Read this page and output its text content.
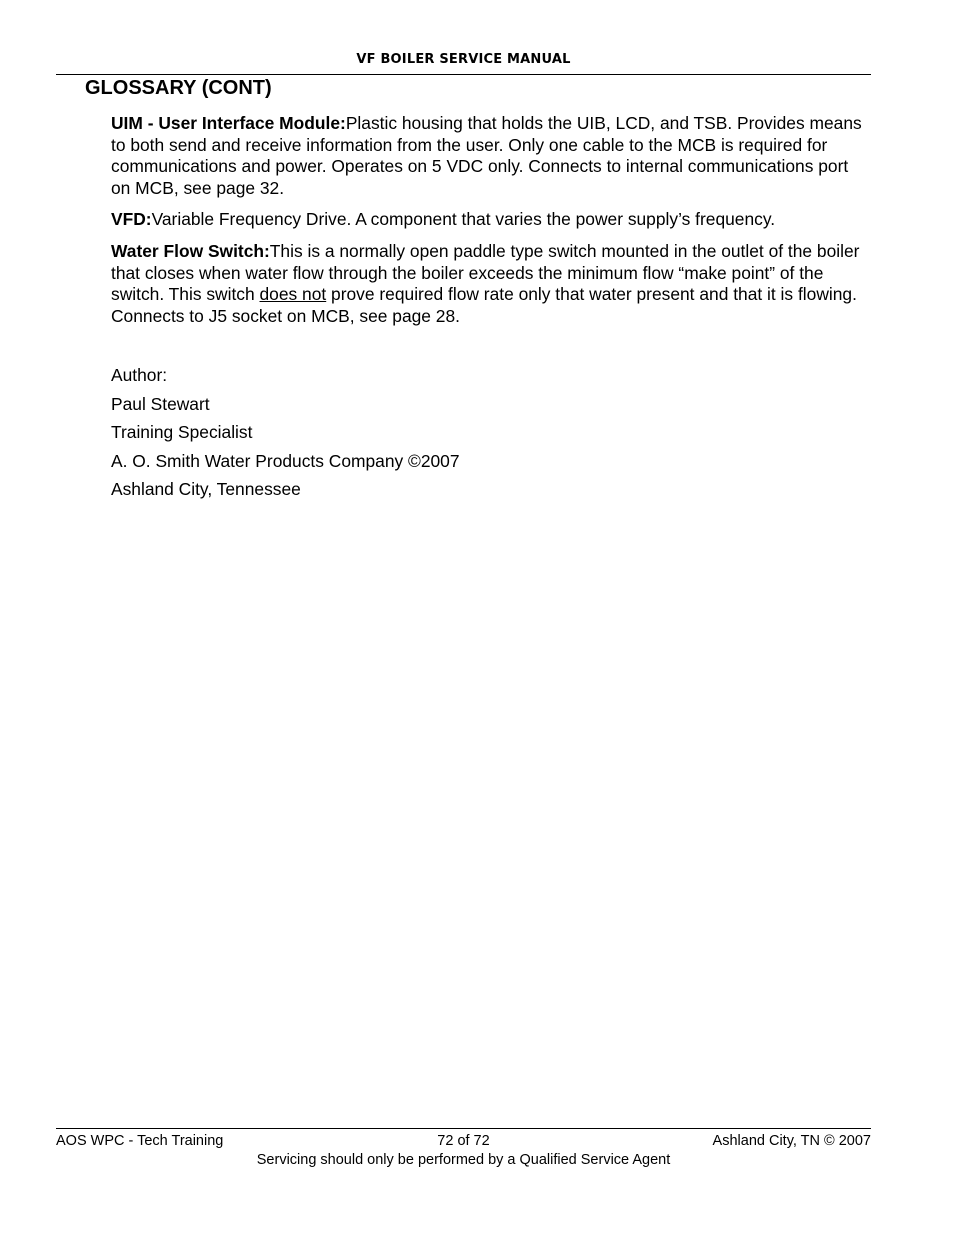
VF BOILER SERVICE MANUAL
GLOSSARY (CONT)

UIM - User Interface Module:Plastic housing that holds the UIB, LCD, and TSB. Provides means to both send and receive information from the user. Only one cable to the MCB is required for communications and power. Operates on 5 VDC only. Connects to internal communications port on MCB, see page 32.

VFD:Variable Frequency Drive. A component that varies the power supply’s frequency.

Water Flow Switch:This is a normally open paddle type switch mounted in the outlet of the boiler that closes when water flow through the boiler exceeds the minimum flow “make point” of the switch. This switch does not prove required flow rate only that water present and that it is flowing. Connects to J5 socket on MCB, see page 28.

Author:
Paul Stewart
Training Specialist
A. O. Smith Water Products Company ©2007
Ashland City, Tennessee
72 of 72
AOS WPC - Tech Training	Ashland City, TN © 2007
Servicing should only be performed by a Qualified Service Agent
